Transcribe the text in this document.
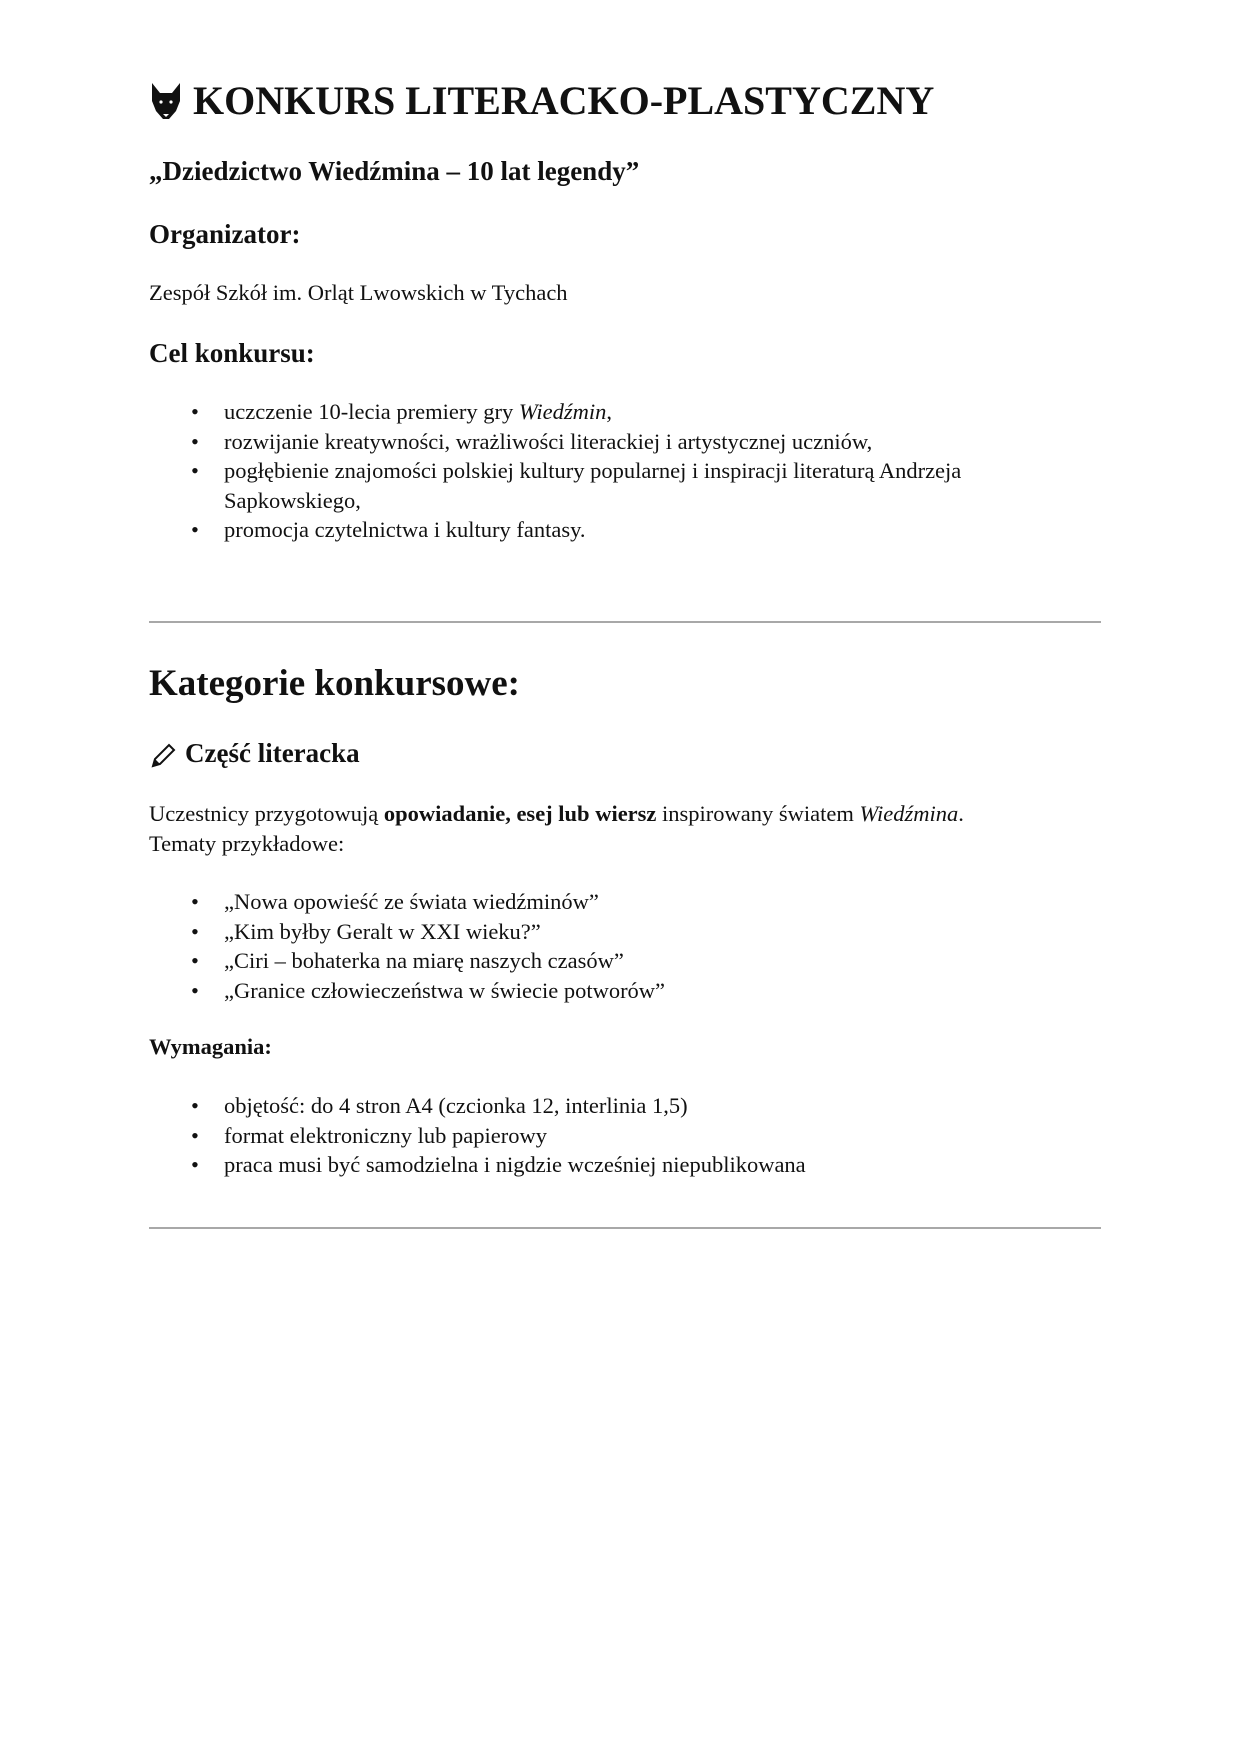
KONKURS LITERACKO-PLASTYCZNY
„Dziedzictwo Wiedźmina – 10 lat legendy”
Organizator:
Zespół Szkół im. Orląt Lwowskich w Tychach
Cel konkursu:
• uczczenie 10-lecia premiery gry Wiedźmin,
• rozwijanie kreatywności, wrażliwości literackiej i artystycznej uczniów,
• pogłębienie znajomości polskiej kultury popularnej i inspiracji literaturą Andrzeja
Sapkowskiego,
• promocja czytelnictwa i kultury fantasy.
Kategorie konkursowe:
Część literacka
Uczestnicy przygotowują opowiadanie, esej lub wiersz inspirowany światem Wiedźmina.
Tematy przykładowe:
• „Nowa opowieść ze świata wiedźminów”
• „Kim byłby Geralt w XXI wieku?”
• „Ciri – bohaterka na miarę naszych czasów”
• „Granice człowieczeństwa w świecie potworów”
Wymagania:
• objętość: do 4 stron A4 (czcionka 12, interlinia 1,5)
• format elektroniczny lub papierowy
• praca musi być samodzielna i nigdzie wcześniej niepublikowana
